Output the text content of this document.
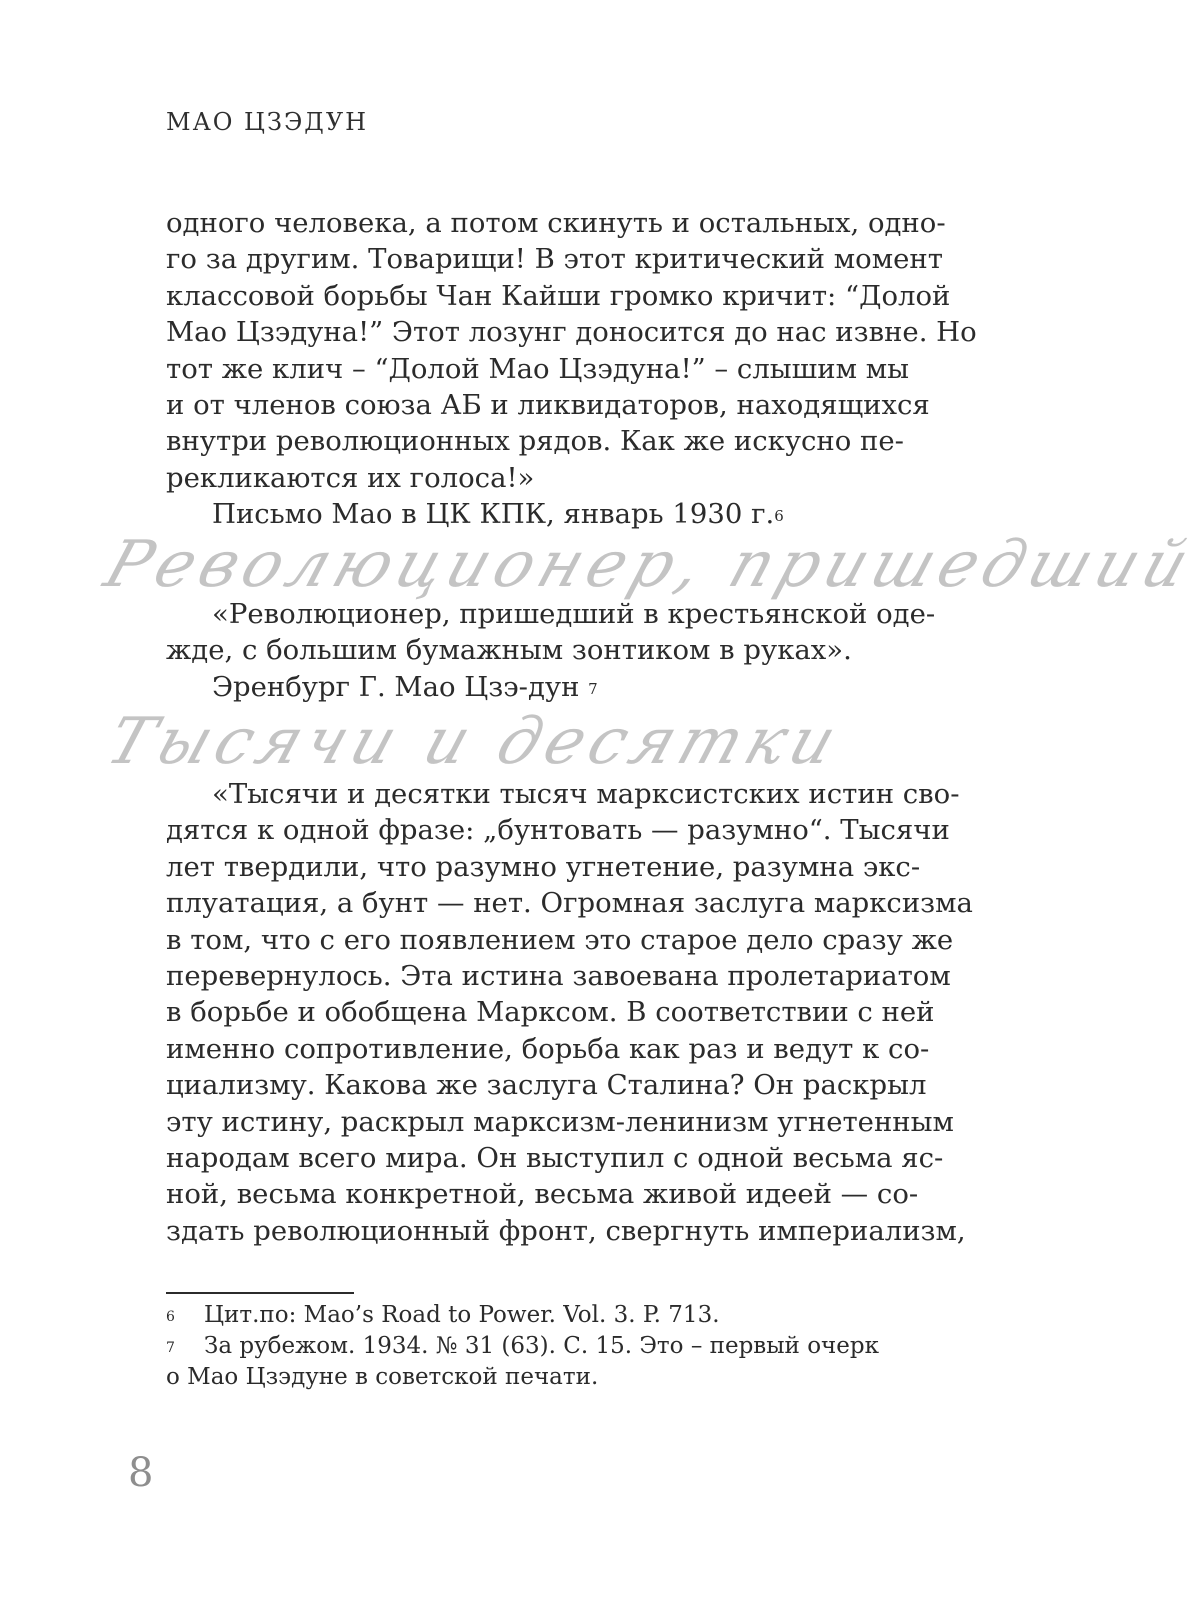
МАО ЦЗЭДУН
одного человека, а потом скинуть и остальных, одно-
го за другим. Товарищи! В этот критический момент
классовой борьбы Чан Кайши громко кричит: “Долой
Мао Цзэдуна!” Этот лозунг доносится до нас извне. Но
тот же клич – “Долой Мао Цзэдуна!” – слышим мы
и от членов союза АБ и ликвидаторов, находящихся
внутри революционных рядов. Как же искусно пе-
рекликаются их голоса!»
Письмо Мао в ЦК КПК, январь 1930 г.$^6$
Революционер, пришедший
«Революционер, пришедший в крестьянской оде-
жде, с большим бумажным зонтиком в руках».
Эренбург Г. Мао Цзэ-дун $^7$
Тысячи и десятки
«Тысячи и десятки тысяч марксистских истин сво-
дятся к одной фразе: „бунтовать — разумно“. Тысячи
лет твердили, что разумно угнетение, разумна экс-
плуатация, а бунт — нет. Огромная заслуга марксизма
в том, что с его появлением это старое дело сразу же
перевернулось. Эта истина завоевана пролетариатом
в борьбе и обобщена Марксом. В соответствии с ней
именно сопротивление, борьба как раз и ведут к со-
циализму. Какова же заслуга Сталина? Он раскрыл
эту истину, раскрыл марксизм-ленинизм угнетенным
народам всего мира. Он выступил с одной весьма яс-
ной, весьма конкретной, весьма живой идеей — со-
здать революционный фронт, свергнуть империализм,
6 Цит.по: Mao’s Road to Power. Vol. 3. P. 713.
7 За рубежом. 1934. № 31 (63). С. 15. Это – первый очерк
о Мао Цзэдуне в советской печати.
8
